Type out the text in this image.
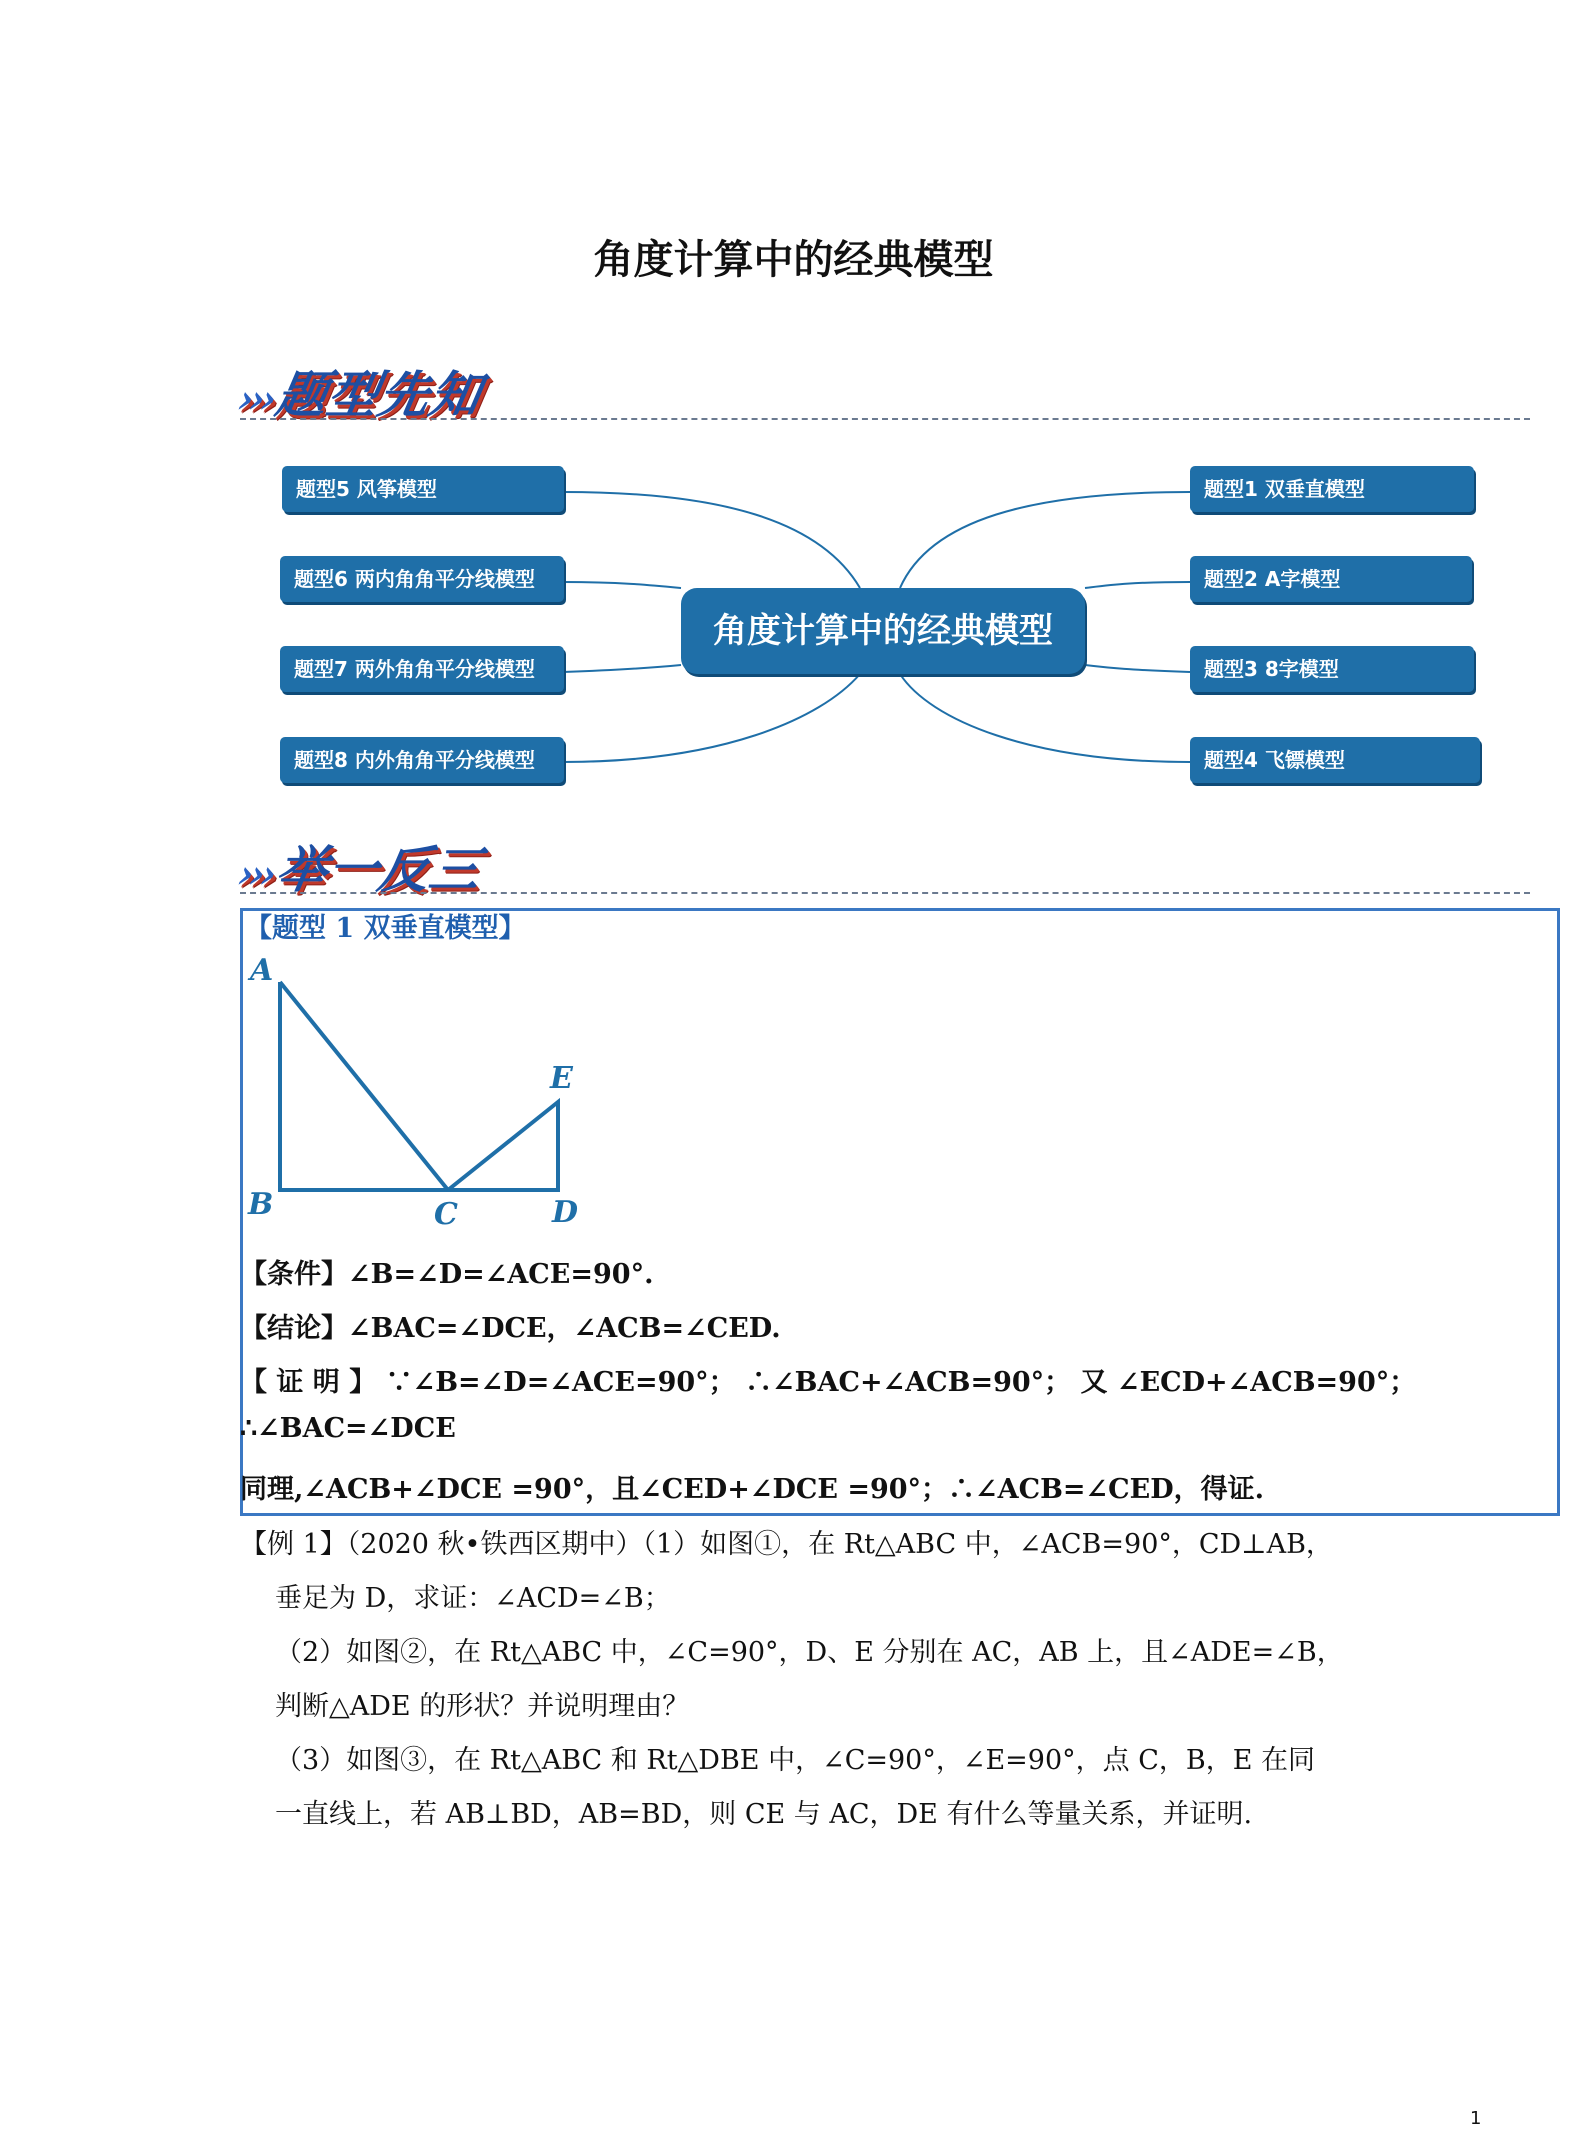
角度计算中的经典模型
›››题型先知
题型5 风筝模型
题型6 两内角角平分线模型
题型7 两外角角平分线模型
题型8 内外角角平分线模型
角度计算中的经典模型
题型1 双垂直模型
题型2 A字模型
题型3 8字模型
题型4 飞镖模型
›››举一反三
【题型 1 双垂直模型】
A
B	C	D
E
【条件】∠B=∠D=∠ACE=90°.
【结论】∠BAC=∠DCE，∠ACB=∠CED.
【 证 明 】 ∵∠B=∠D=∠ACE=90°； ∴∠BAC+∠ACB=90°； 又 ∠ECD+∠ACB=90°；
∴∠BAC=∠DCE
同理,∠ACB+∠DCE =90°，且∠CED+∠DCE =90°；∴∠ACB=∠CED，得证.
【例 1】（2020 秋•铁西区期中）（1）如图①，在 Rt△ABC 中，∠ACB=90°，CD⊥AB，
垂足为 D，求证：∠ACD=∠B；
（2）如图②，在 Rt△ABC 中，∠C=90°，D、E 分别在 AC，AB 上，且∠ADE=∠B，
判断△ADE 的形状？并说明理由？
（3）如图③，在 Rt△ABC 和 Rt△DBE 中，∠C=90°，∠E=90°，点 C，B，E 在同
一直线上，若 AB⊥BD，AB=BD，则 CE 与 AC，DE 有什么等量关系，并证明.
1
